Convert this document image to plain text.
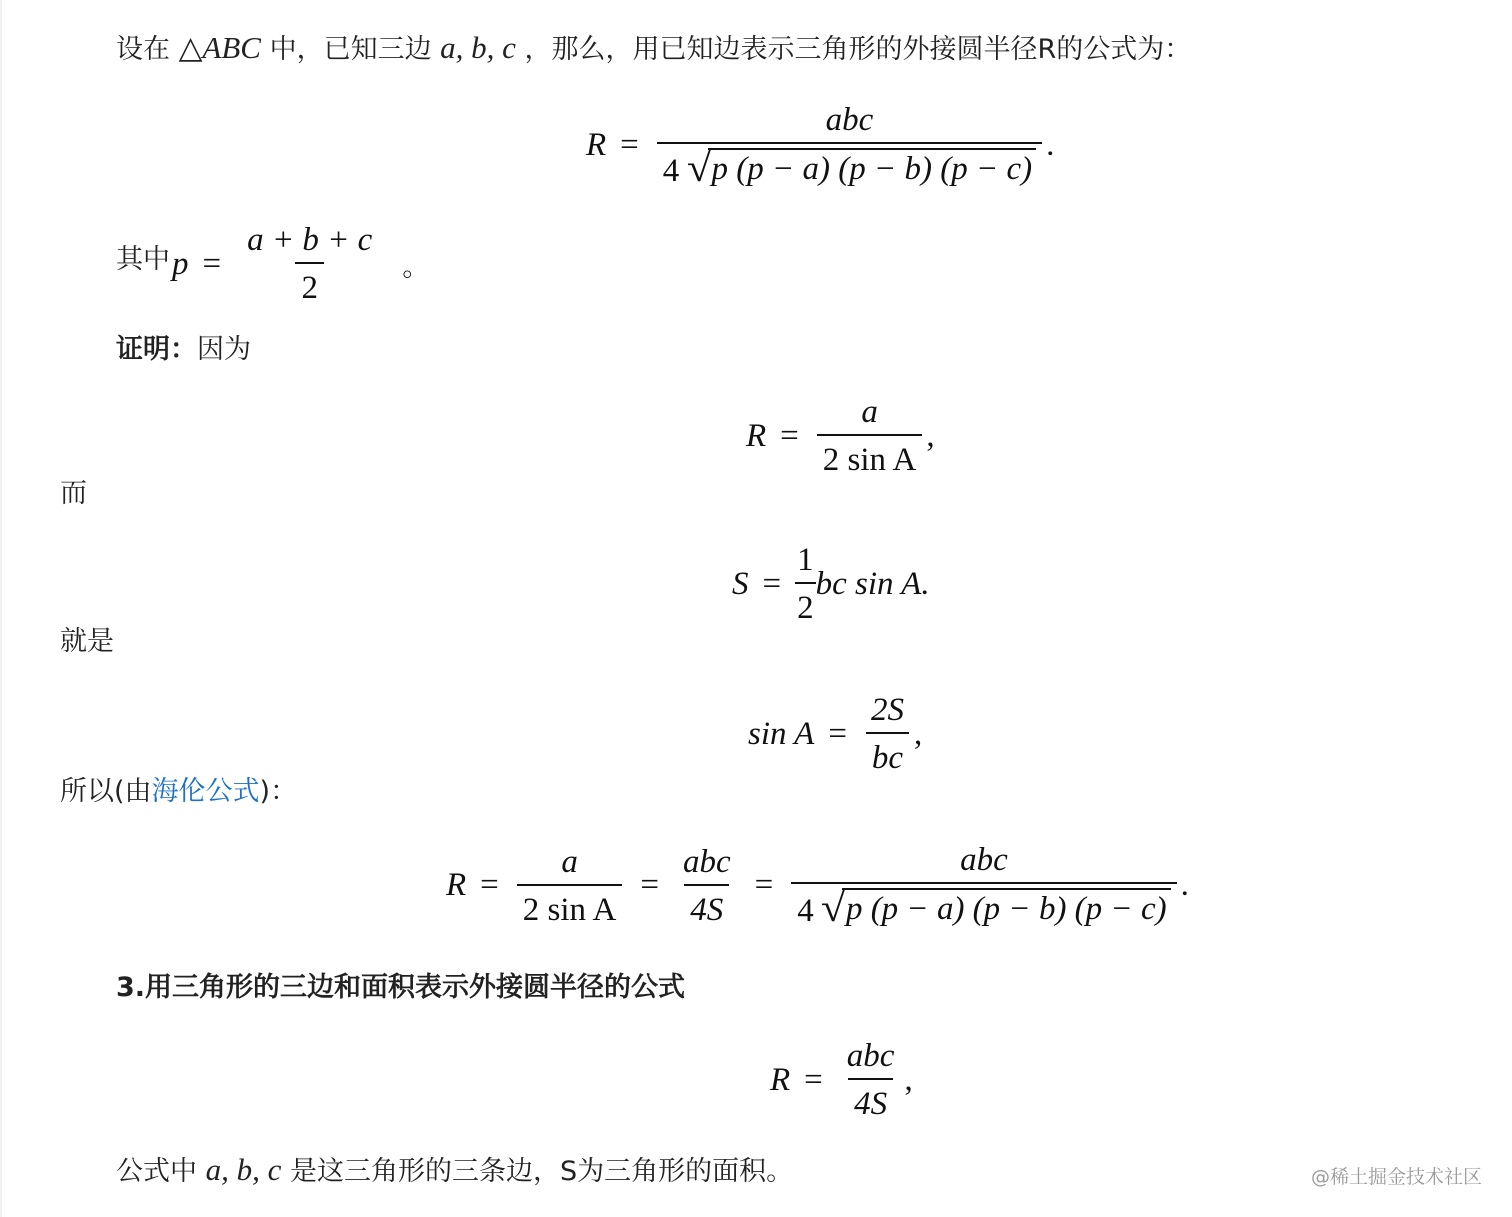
设在 △ABC 中，已知三边 a, b, c ，那么，用已知边表示三角形的外接圆半径R的公式为：
$R = \frac{\text{abc}}{4 √ p (p - a) (p - b) (p - c)}$ .
其中 $p = \frac{a + b + c}{2}$ 。
证明：因为
$R = \frac{a}{\text{2 sin A}}$ ,
而
$S = \frac{1}{2}$ bc sin A.
就是
$\sin A = \frac{2S}{bc}$ ,
所以(由海伦公式)：
$R = \frac{a}{\text{2 sin A}} = \frac{\text{abc}}{4S} = \frac{\text{abc}}{4 √ p (p - a) (p - b) (p - c)}$ .
3.用三角形的三边和面积表示外接圆半径的公式
$R = \frac{\text{abc}}{4S}$ ,
公式中 a, b, c 是这三角形的三条边，S为三角形的面积。	@稀土掘金技术社区
